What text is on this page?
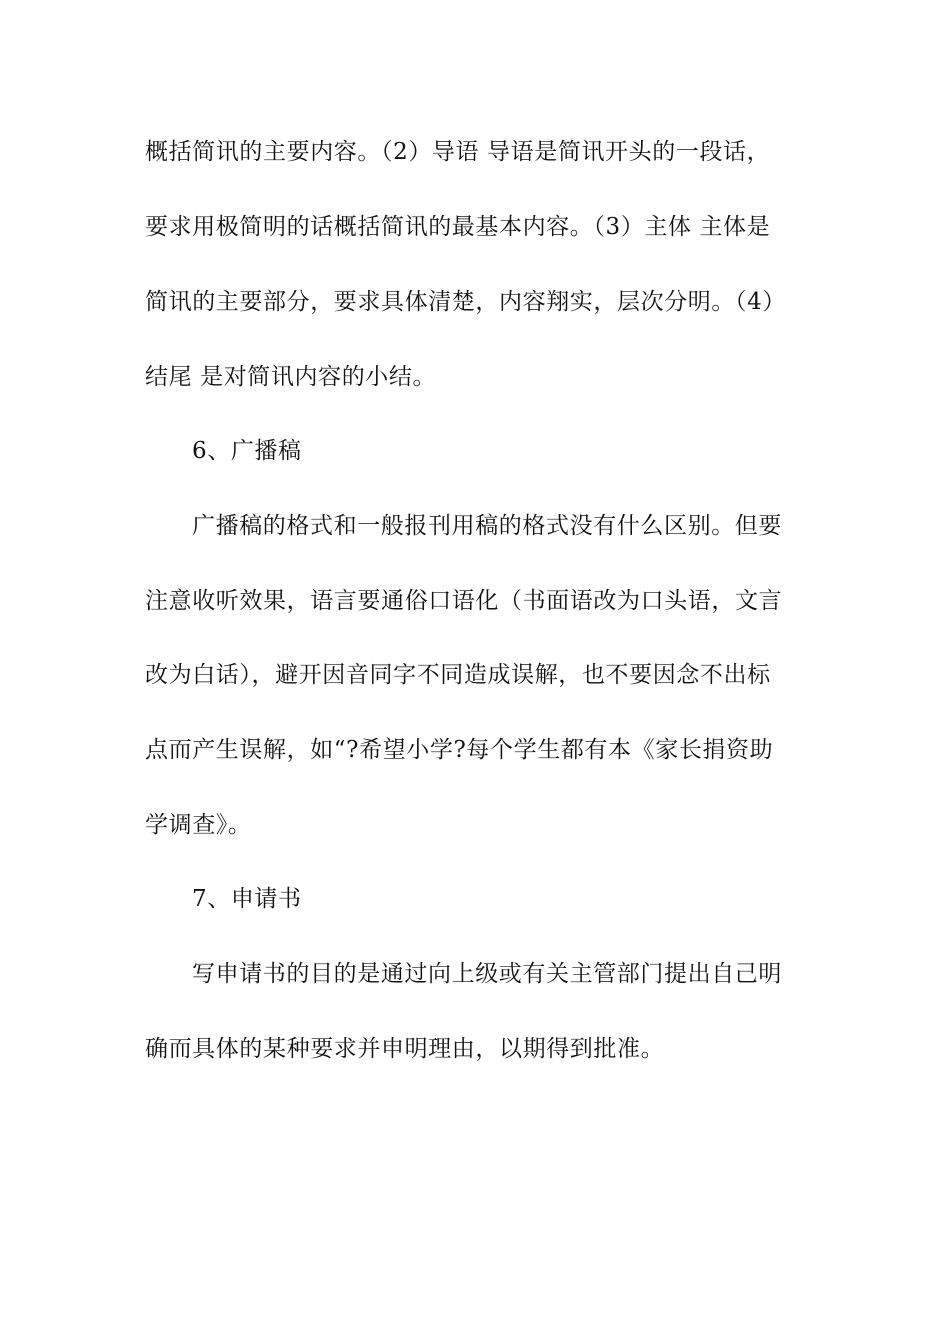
概括简讯的主要内容。（2）导语 导语是简讯开头的一段话，
要求用极简明的话概括简讯的最基本内容。（3）主体 主体是
简讯的主要部分，要求具体清楚，内容翔实，层次分明。（4）
结尾 是对简讯内容的小结。
6、广播稿
广播稿的格式和一般报刊用稿的格式没有什么区别。但要
注意收听效果，语言要通俗口语化（书面语改为口头语，文言
改为白话），避开因音同字不同造成误解，也不要因念不出标
点而产生误解，如“?希望小学?每个学生都有本《家长捐资助
学调查》。
7、申请书
写申请书的目的是通过向上级或有关主管部门提出自己明
确而具体的某种要求并申明理由，以期得到批准。
